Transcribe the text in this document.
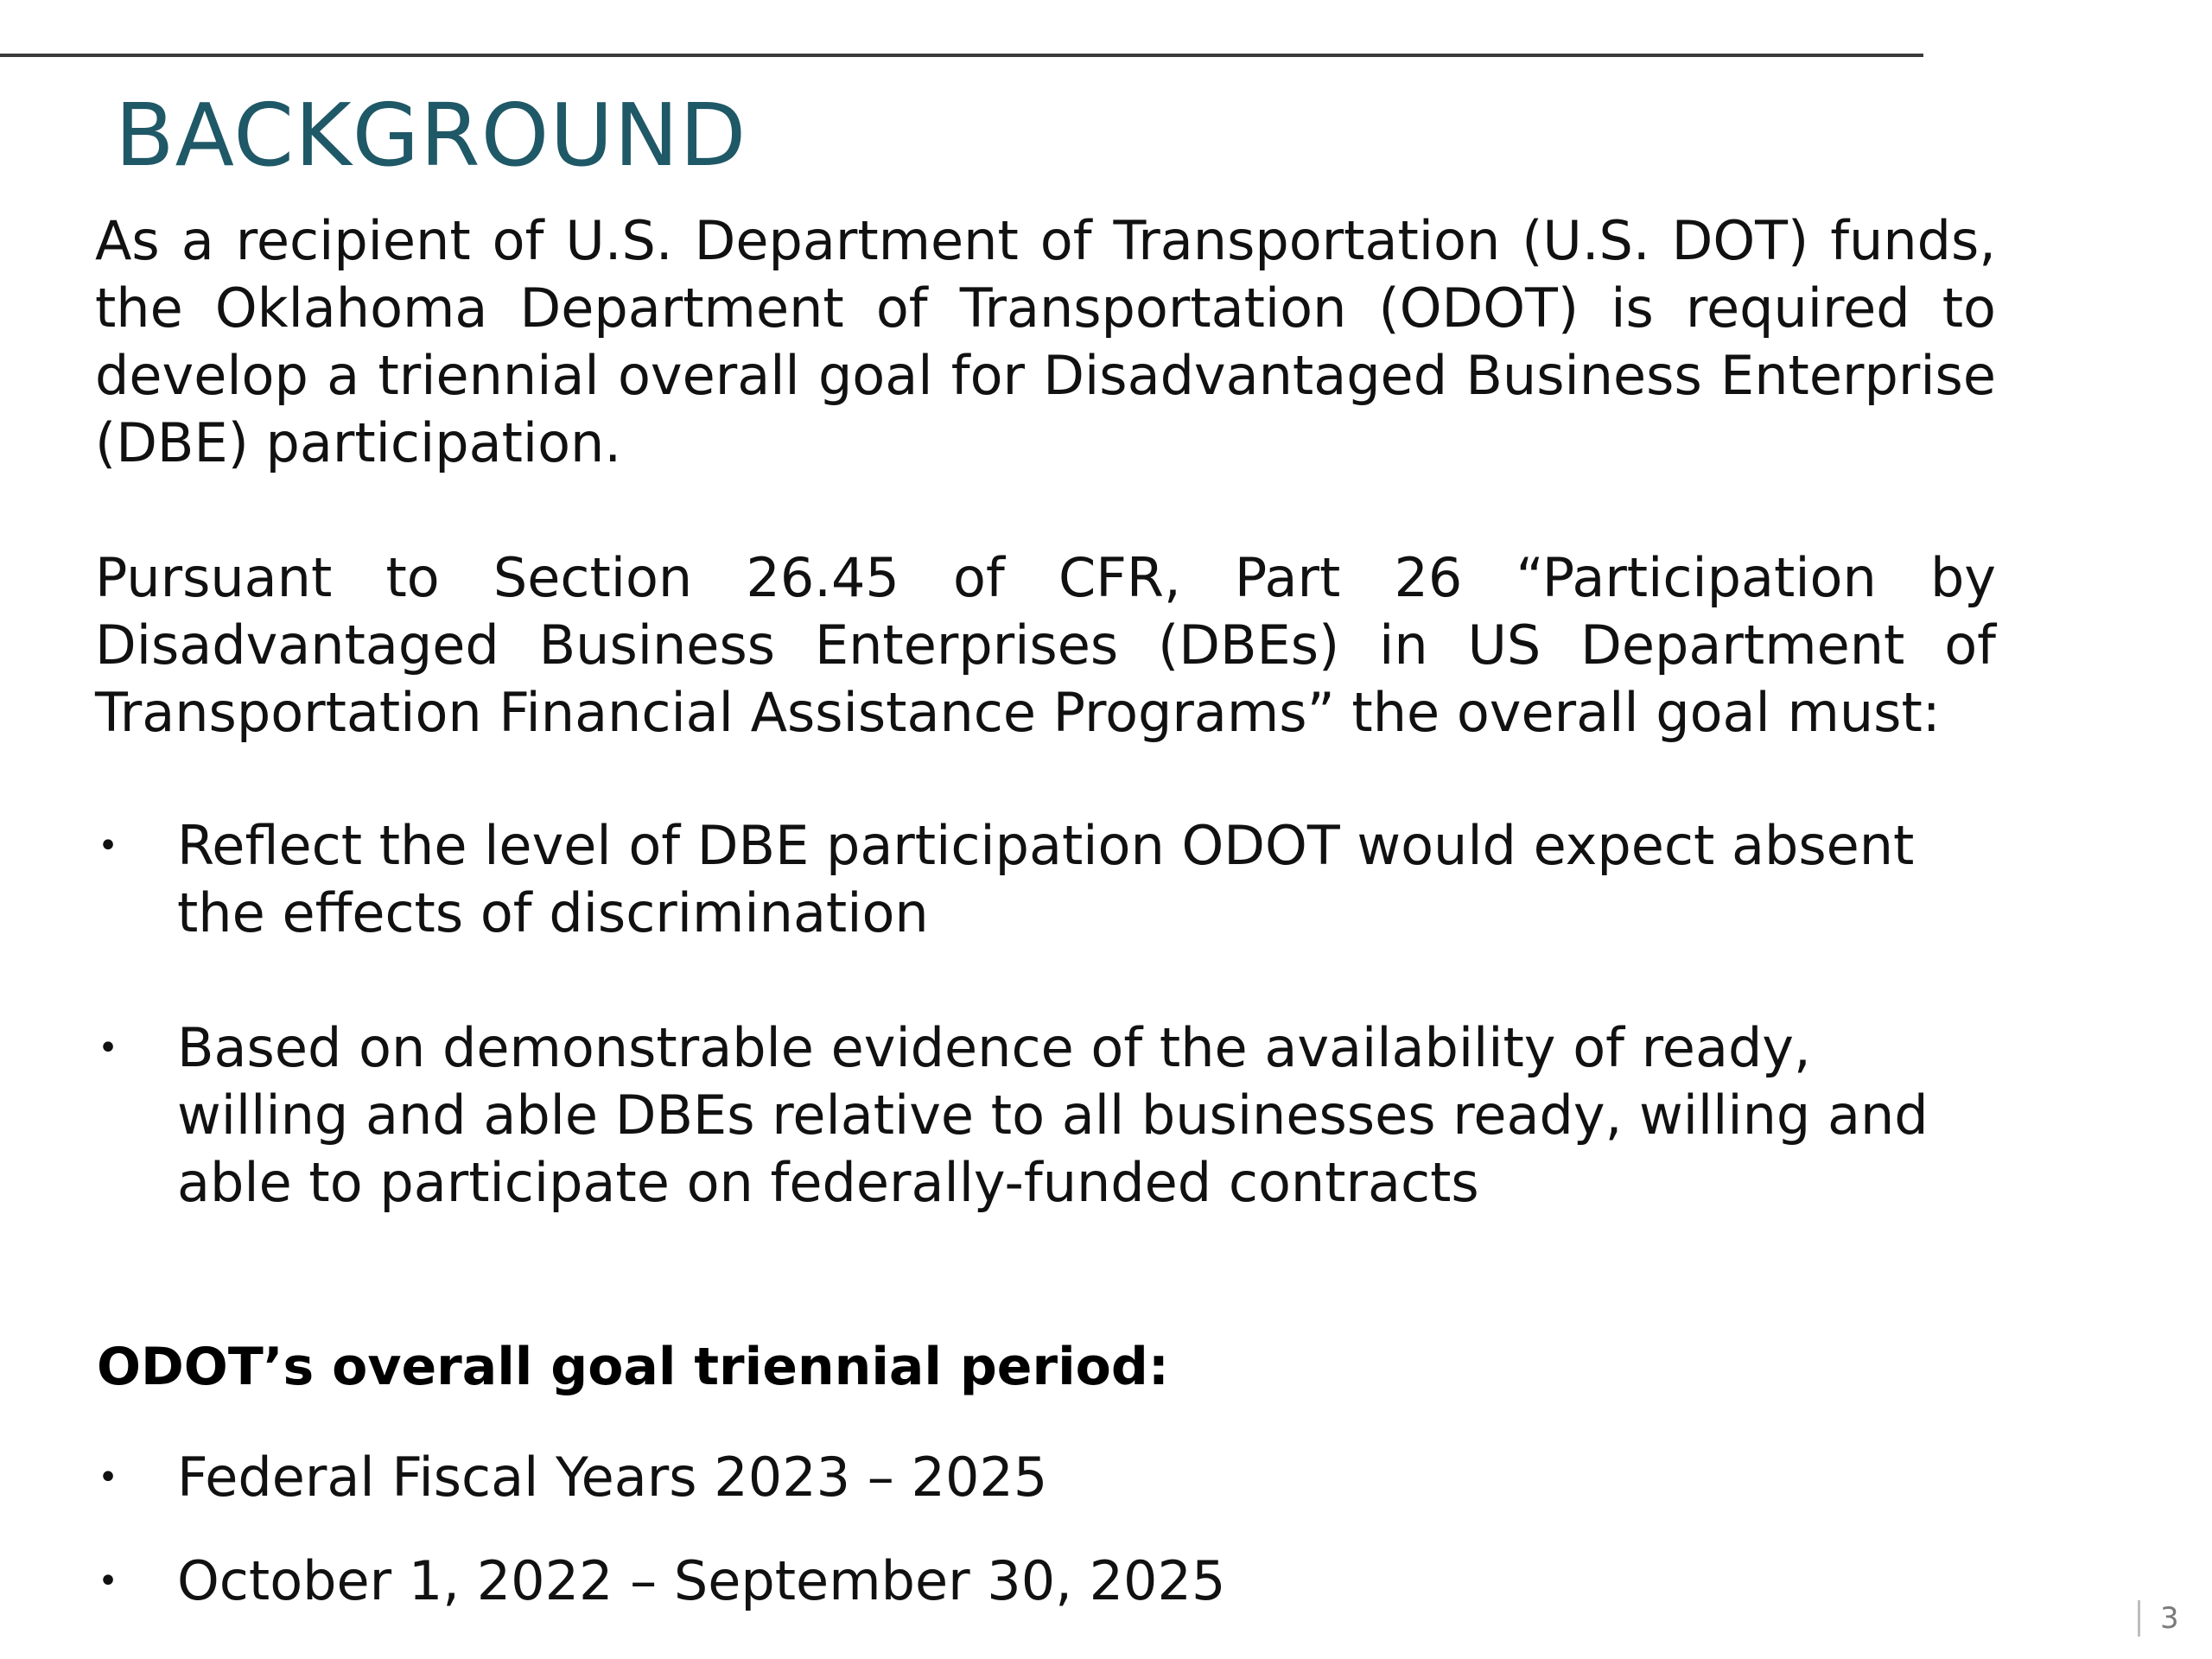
BACKGROUND

As a recipient of U.S. Department of Transportation (U.S. DOT) funds, the Oklahoma Department of Transportation (ODOT) is required to develop a triennial overall goal for Disadvantaged Business Enterprise (DBE) participation.

Pursuant to Section 26.45 of CFR, Part 26 “Participation by Disadvantaged Business Enterprises (DBEs) in US Department of Transportation Financial Assistance Programs” the overall goal must:

• Reflect the level of DBE participation ODOT would expect absent the effects of discrimination
• Based on demonstrable evidence of the availability of ready, willing and able DBEs relative to all businesses ready, willing and able to participate on federally-funded contracts

ODOT’s overall goal triennial period:

• Federal Fiscal Years 2023 – 2025
• October 1, 2022 – September 30, 2025
3
